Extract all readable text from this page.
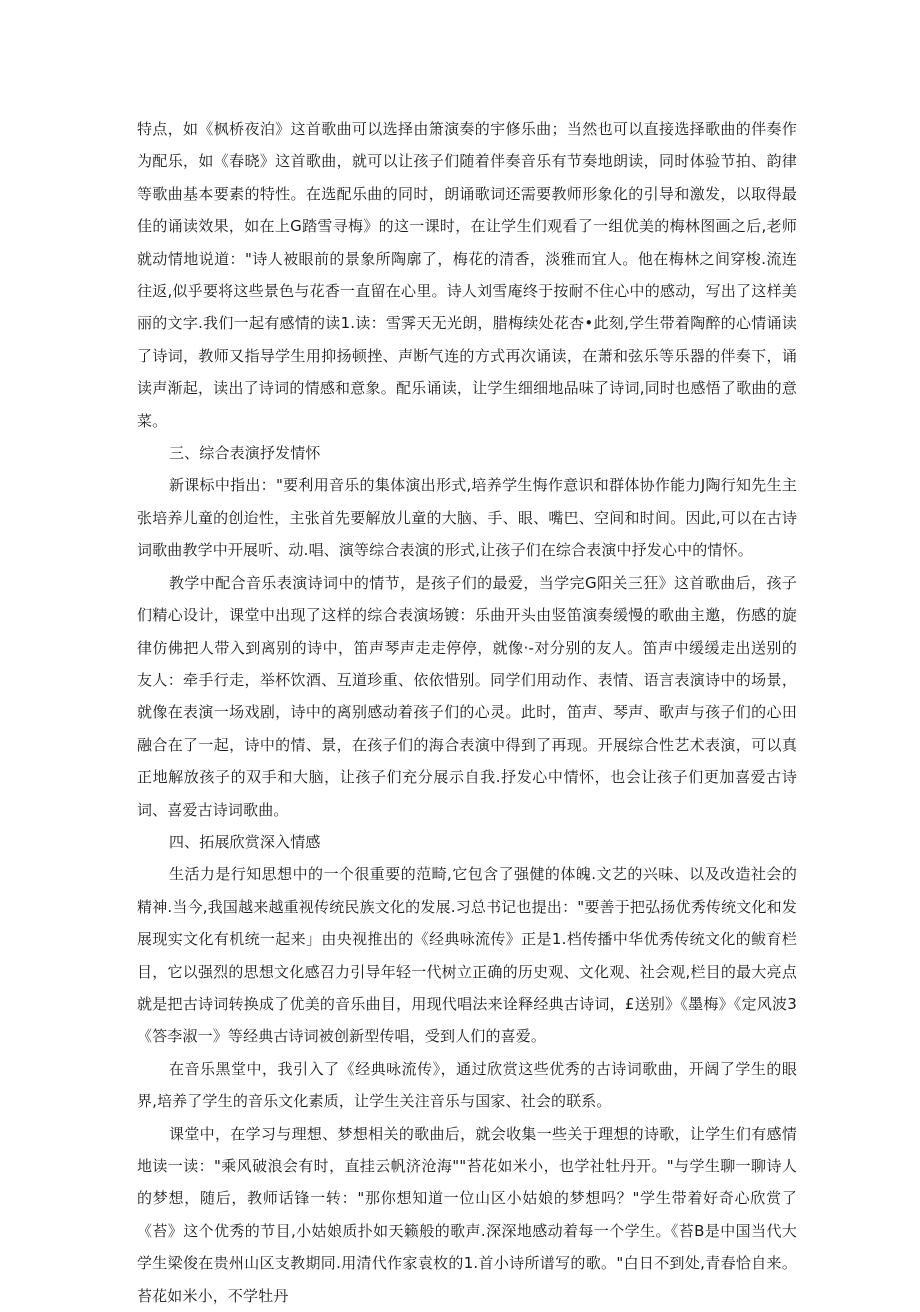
特点，如《枫桥夜泊》这首歌曲可以选择由箫演奏的宇修乐曲；当然也可以直接选择歌曲的伴奏作为配乐，如《春晓》这首歌曲，就可以让孩子们随着伴奏音乐有节奏地朗读，同时体验节拍、韵律等歌曲基本要素的特性。在选配乐曲的同时，朗诵歌词还需要教师形象化的引导和激发，以取得最佳的诵读效果，如在上G踏雪寻梅》的这一课时，在让学生们观看了一组优美的梅林图画之后,老师就动情地说道："诗人被眼前的景象所陶廓了，梅花的清香，淡雅而宜人。他在梅林之间穿梭.流连往返,似乎要将这些景色与花香一直留在心里。诗人刘雪庵终于按耐不住心中的感动，写出了这样美丽的文字.我们一起有感情的读1.读：雪霁天无光朗，腊梅续处花杏•此刻,学生带着陶醉的心情诵读了诗词，教师又指导学生用抑扬顿挫、声断气连的方式再次诵读，在萧和弦乐等乐器的伴奏下，诵读声渐起，读出了诗词的情感和意象。配乐诵读，让学生细细地品味了诗词,同时也感悟了歌曲的意菜。

三、综合表演抒发情怀

新课标中指出："要利用音乐的集体演出形式,培养学生悔作意识和群体协作能力J陶行知先生主张培养儿童的创迨性，主张首先要解放儿童的大脑、手、眼、嘴巴、空间和时间。因此,可以在古诗词歌曲教学中开展听、动.唱、演等综合表演的形式,让孩子们在综合表演中抒发心中的情怀。

教学中配合音乐表演诗词中的情节，是孩子们的最爱，当学完G阳关三狂》这首歌曲后，孩子们精心设计，课堂中出现了这样的综合表演场镀：乐曲开头由竖笛演奏缓慢的歌曲主邀，伤感的旋律仿佛把人带入到离别的诗中，笛声琴声走走停停，就像·-对分别的友人。笛声中缓缓走出送别的友人：牵手行走，举杯饮酒、互道珍重、依依惜别。同学们用动作、表情、语言表演诗中的场景，就像在表演一场戏剧，诗中的离别感动着孩子们的心灵。此时，笛声、琴声、歌声与孩子们的心田融合在了一起，诗中的情、景，在孩子们的海合表演中得到了再现。开展综合性艺术表演，可以真正地解放孩子的双手和大脑，让孩子们充分展示自我.抒发心中情怀，也会让孩子们更加喜爱古诗词、喜爱古诗词歌曲。

四、拓展欣赏深入情感

生活力是行知思想中的一个很重要的范畸,它包含了强健的体魄.文艺的兴味、以及改造社会的精神.当今,我国越来越重视传统民族文化的发展.习总书记也提出："要善于把弘扬优秀传统文化和发展现实文化有机统一起来」由央视推出的《经典咏流传》正是1.档传播中华优秀传统文化的鲅育栏目，它以强烈的思想文化感召力引导年轻一代树立正确的历史观、文化观、社会观,栏目的最大亮点就是把古诗词转换成了优美的音乐曲目，用现代唱法来诠释经典古诗词，£送别》《墨梅》《定风波3《答李淑一》等经典古诗词被创新型传唱，受到人们的喜爱。

在音乐黑堂中，我引入了《经典咏流传》，通过欣赏这些优秀的古诗词歌曲，开阔了学生的眼界,培养了学生的音乐文化素质，让学生关注音乐与国家、社会的联系。

课堂中，在学习与理想、梦想相关的歌曲后，就会收集一些关于理想的诗歌，让学生们有感情地读一读："乘风破浪会有时，直挂云帆济沧海""苔花如米小，也学社牡丹开。"与学生聊一聊诗人的梦想，随后，教师话锋一转："那你想知道一位山区小姑娘的梦想吗？"学生带着好奇心欣赏了《苔》这个优秀的节目,小姑娘质扑如天籁般的歌声.深深地感动着每一个学生。《苔B是中国当代大学生梁俊在贵州山区支教期同.用清代作家袁枚的1.首小诗所谱写的歌。"白日不到处,青春恰自来。苔花如米小，不学牡丹
